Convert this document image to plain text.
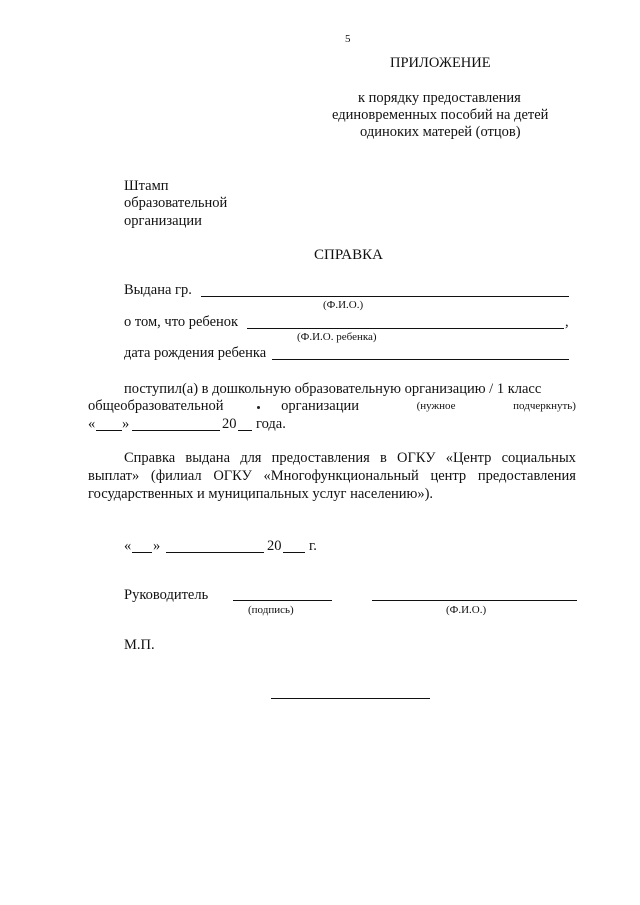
5
ПРИЛОЖЕНИЕ
к порядку предоставления
единовременных пособий на детей
одиноких матерей (отцов)
Штамп
образовательной
организации
СПРАВКА
Выдана гр.
(Ф.И.О.)
о том, что ребенок	,
(Ф.И.О. ребенка)
дата рождения ребенка
поступил(а) в дошкольную образовательную организацию / 1 класс
общеобразовательной	организации	(нужное	подчеркнуть)
« »	20 года.
Справка выдана для предоставления в ОГКУ «Центр социальных
выплат» (филиал ОГКУ «Многофункциональный центр предоставления
государственных и муниципальных услуг населению»).
« »	20 г.
Руководитель
(подпись)	(Ф.И.О.)
М.П.
